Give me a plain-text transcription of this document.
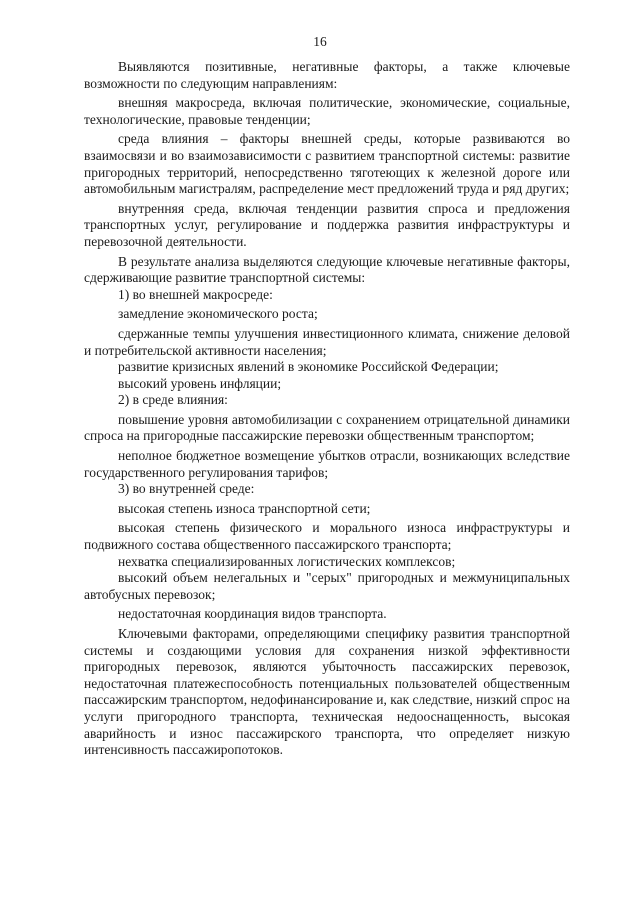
16

Выявляются позитивные, негативные факторы, а также ключевые возможности по следующим направлениям:

внешняя макросреда, включая политические, экономические, социальные, технологические, правовые тенденции;

среда влияния – факторы внешней среды, которые развиваются во взаимосвязи и во взаимозависимости с развитием транспортной системы: развитие пригородных территорий, непосредственно тяготеющих к железной дороге или автомобильным магистралям, распределение мест предложений труда и ряд других;

внутренняя среда, включая тенденции развития спроса и предложения транспортных услуг, регулирование и поддержка развития инфраструктуры и перевозочной деятельности.

В результате анализа выделяются следующие ключевые негативные факторы, сдерживающие развитие транспортной системы:

1) во внешней макросреде:

замедление экономического роста;

сдержанные темпы улучшения инвестиционного климата, снижение деловой и потребительской активности населения;

развитие кризисных явлений в экономике Российской Федерации;

высокий уровень инфляции;

2) в среде влияния:

повышение уровня автомобилизации с сохранением отрицательной динамики спроса на пригородные пассажирские перевозки общественным транспортом;

неполное бюджетное возмещение убытков отрасли, возникающих вследствие государственного регулирования тарифов;

3) во внутренней среде:

высокая степень износа транспортной сети;

высокая степень физического и морального износа инфраструктуры и подвижного состава общественного пассажирского транспорта;

нехватка специализированных логистических комплексов;

высокий объем нелегальных и "серых" пригородных и межмуниципальных автобусных перевозок;

недостаточная координация видов транспорта.

Ключевыми факторами, определяющими специфику развития транспортной системы и создающими условия для сохранения низкой эффективности пригородных перевозок, являются убыточность пассажирских перевозок, недостаточная платежеспособность потенциальных пользователей общественным пассажирским транспортом, недофинансирование и, как следствие, низкий спрос на услуги пригородного транспорта, техническая недооснащенность, высокая аварийность и износ пассажирского транспорта, что определяет низкую интенсивность пассажиропотоков.
